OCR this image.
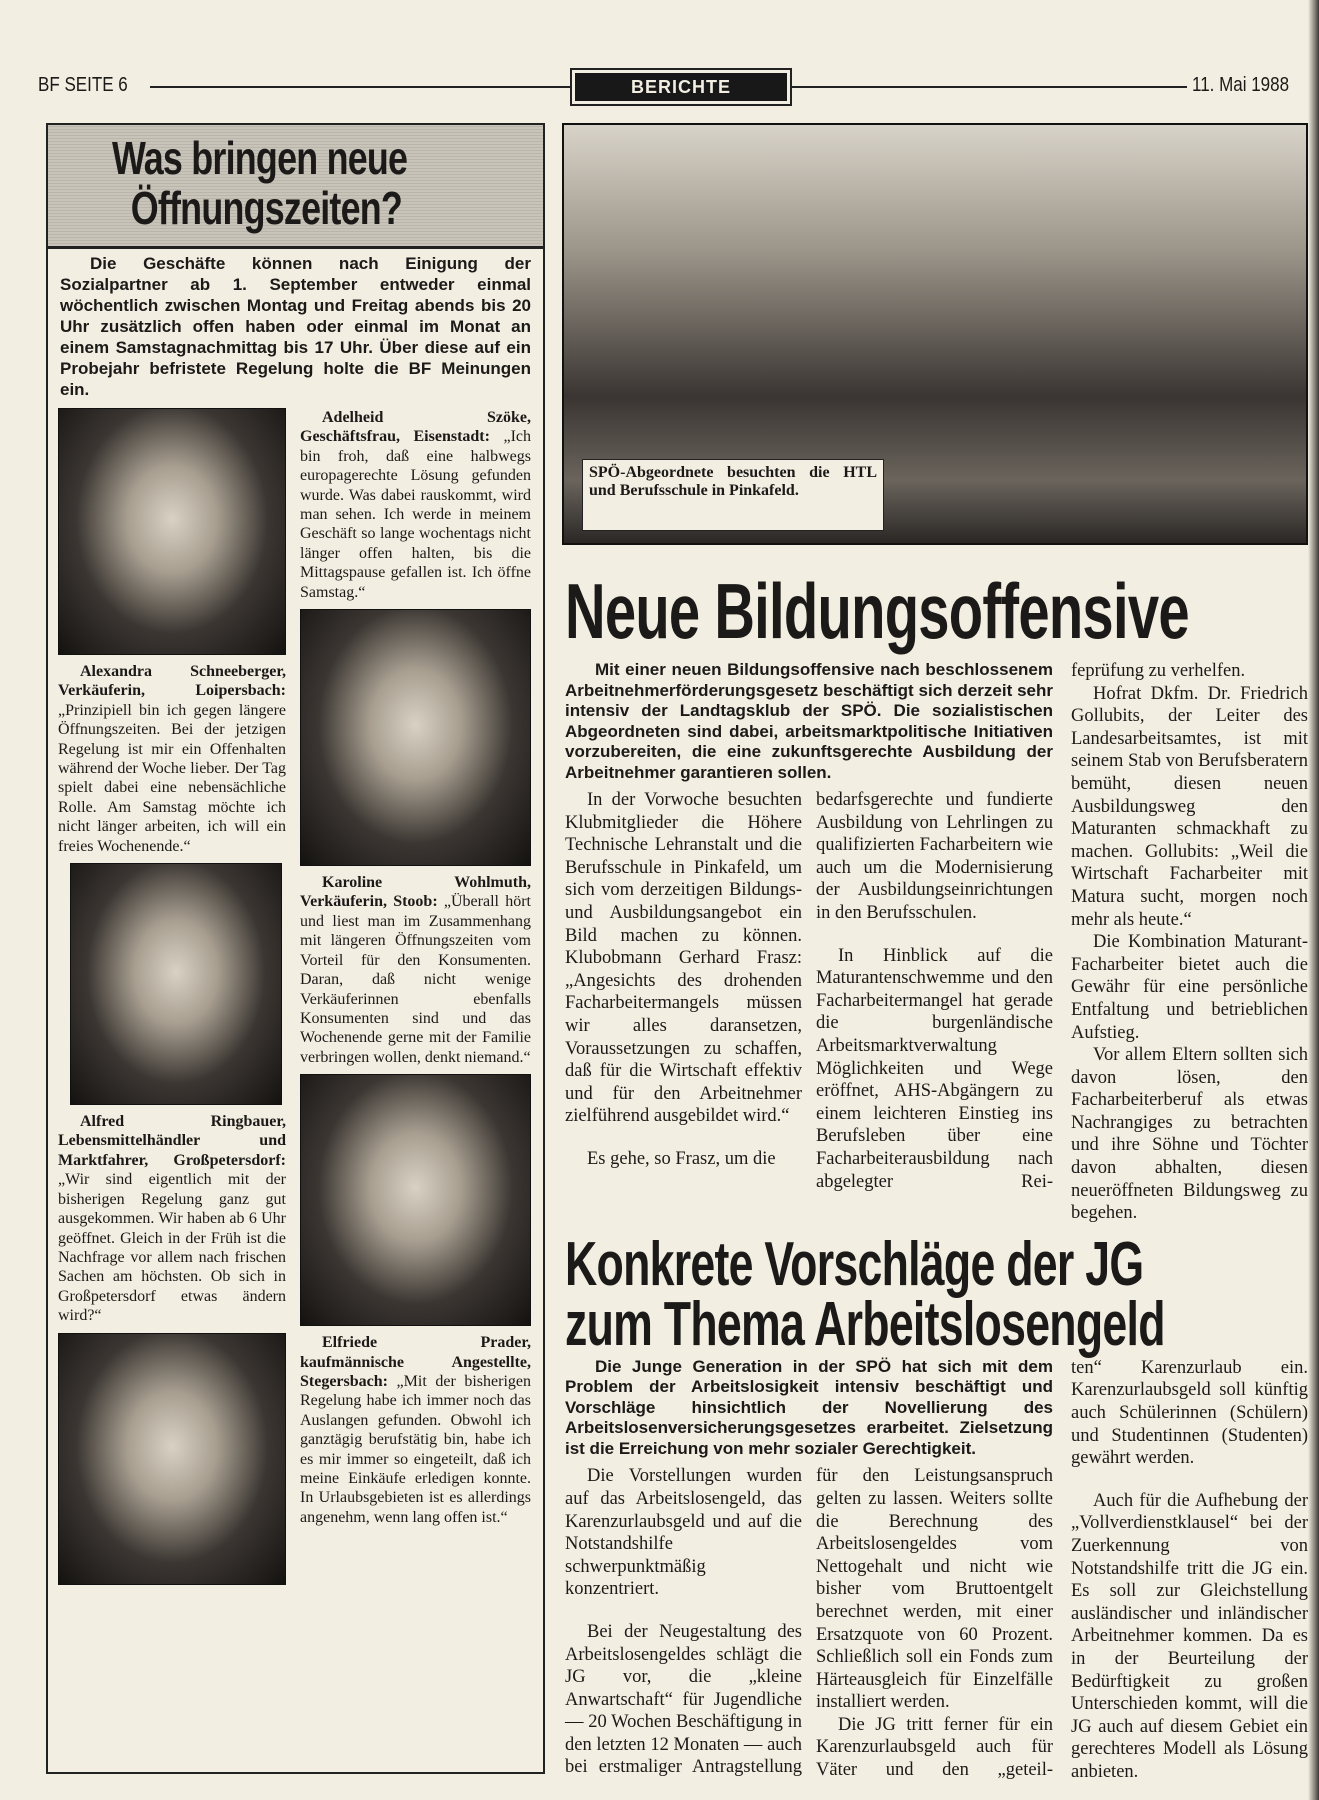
BF SEITE 6	BERICHTE	11. Mai 1988
Was bringen neue
Öffnungszeiten?
Die Geschäfte können nach Einigung der Sozialpartner ab 1. September entweder einmal wöchentlich zwischen Montag und Freitag abends bis 20 Uhr zusätzlich offen haben oder einmal im Monat an einem Samstagnachmittag bis 17 Uhr. Über diese auf ein Probejahr befristete Regelung holte die BF Meinungen ein.
Alexandra Schneeberger, Verkäuferin, Loipersbach: „Prinzipiell bin ich gegen längere Öffnungszeiten. Bei der jetzigen Regelung ist mir ein Offenhalten während der Woche lieber. Der Tag spielt dabei eine nebensächliche Rolle. Am Samstag möchte ich nicht länger arbeiten, ich will ein freies Wochenende.“
Alfred Ringbauer, Lebensmittelhändler und Marktfahrer, Großpetersdorf: „Wir sind eigentlich mit der bisherigen Regelung ganz gut ausgekommen. Wir haben ab 6 Uhr geöffnet. Gleich in der Früh ist die Nachfrage vor allem nach frischen Sachen am höchsten. Ob sich in Großpetersdorf etwas ändern wird?“
Adelheid Szöke, Geschäftsfrau, Eisenstadt: „Ich bin froh, daß eine halbwegs europagerechte Lösung gefunden wurde. Was dabei rauskommt, wird man sehen. Ich werde in meinem Geschäft so lange wochentags nicht länger offen halten, bis die Mittagspause gefallen ist. Ich öffne Samstag.“
Karoline Wohlmuth, Verkäuferin, Stoob: „Überall hört und liest man im Zusammenhang mit längeren Öffnungszeiten vom Vorteil für den Konsumenten. Daran, daß nicht wenige Verkäuferinnen ebenfalls Konsumenten sind und das Wochenende gerne mit der Familie verbringen wollen, denkt niemand.“
Elfriede Prader, kaufmännische Angestellte, Stegersbach: „Mit der bisherigen Regelung habe ich immer noch das Auslangen gefunden. Obwohl ich ganztägig berufstätig bin, habe ich es mir immer so eingeteilt, daß ich meine Einkäufe erledigen konnte. In Urlaubsgebieten ist es allerdings angenehm, wenn lang offen ist.“
SPÖ-Abgeordnete besuchten die HTL und Berufsschule in Pinkafeld.
Neue Bildungsoffensive
Mit einer neuen Bildungsoffensive nach beschlossenem Arbeitnehmerförderungsgesetz beschäftigt sich derzeit sehr intensiv der Landtagsklub der SPÖ. Die sozialistischen Abgeordneten sind dabei, arbeitsmarktpolitische Initiativen vorzubereiten, die eine zukunftsgerechte Ausbildung der Arbeitnehmer garantieren sollen.

In der Vorwoche besuchten Klubmitglieder die Höhere Technische Lehranstalt und die Berufsschule in Pinkafeld, um sich vom derzeitigen Bildungs- und Ausbildungsangebot ein Bild machen zu können. Klubobmann Gerhard Frasz: „Angesichts des drohenden Facharbeitermangels müssen wir alles daransetzen, Voraussetzungen zu schaffen, daß für die Wirtschaft effektiv und für den Arbeitnehmer zielführend ausgebildet wird.“

Es gehe, so Frasz, um die

bedarfsgerechte und fundierte Ausbildung von Lehrlingen zu qualifizierten Facharbeitern wie auch um die Modernisierung der Ausbildungseinrichtungen in den Berufsschulen.

In Hinblick auf die Maturantenschwemme und den Facharbeitermangel hat gerade die burgenländische Arbeitsmarktverwaltung Möglichkeiten und Wege eröffnet, AHS-Abgängern zu einem leichteren Einstieg ins Berufsleben über eine Facharbeiterausbildung nach abgelegter Rei-

feprüfung zu verhelfen.

Hofrat Dkfm. Dr. Friedrich Gollubits, der Leiter des Landesarbeitsamtes, ist mit seinem Stab von Berufsberatern bemüht, diesen neuen Ausbildungsweg den Maturanten schmackhaft zu machen. Gollubits: „Weil die Wirtschaft Facharbeiter mit Matura sucht, morgen noch mehr als heute.“

Die Kombination Maturant-Facharbeiter bietet auch die Gewähr für eine persönliche Entfaltung und betrieblichen Aufstieg.

Vor allem Eltern sollten sich davon lösen, den Facharbeiterberuf als etwas Nachrangiges zu betrachten und ihre Söhne und Töchter davon abhalten, diesen neueröffneten Bildungsweg zu begehen.

Konkrete Vorschläge der JG
zum Thema Arbeitslosengeld
Die Junge Generation in der SPÖ hat sich mit dem Problem der Arbeitslosigkeit intensiv beschäftigt und Vorschläge hinsichtlich der Novellierung des Arbeitslosenversicherungsgesetzes erarbeitet. Zielsetzung ist die Erreichung von mehr sozialer Gerechtigkeit.

Die Vorstellungen wurden auf das Arbeitslosengeld, das Karenzurlaubsgeld und auf die Notstandshilfe schwerpunktmäßig konzentriert.

Bei der Neugestaltung des Arbeitslosengeldes schlägt die JG vor, die „kleine Anwartschaft“ für Jugendliche — 20 Wochen Beschäftigung in den letzten 12 Monaten — auch bei erstmaliger Antragstellung

für den Leistungsanspruch gelten zu lassen. Weiters sollte die Berechnung des Arbeitslosengeldes vom Nettogehalt und nicht wie bisher vom Bruttoentgelt berechnet werden, mit einer Ersatzquote von 60 Prozent. Schließlich soll ein Fonds zum Härteausgleich für Einzelfälle installiert werden.

Die JG tritt ferner für ein Karenzurlaubsgeld auch für Väter und den „geteil-

ten“ Karenzurlaub ein. Karenzurlaubsgeld soll künftig auch Schülerinnen (Schülern) und Studentinnen (Studenten) gewährt werden.

Auch für die Aufhebung der „Vollverdienstklausel“ bei der Zuerkennung von Notstandshilfe tritt die JG ein. Es soll zur Gleichstellung ausländischer und inländischer Arbeitnehmer kommen. Da es in der Beurteilung der Bedürftigkeit zu großen Unterschieden kommt, will die JG auch auf diesem Gebiet ein gerechteres Modell als Lösung anbieten.
